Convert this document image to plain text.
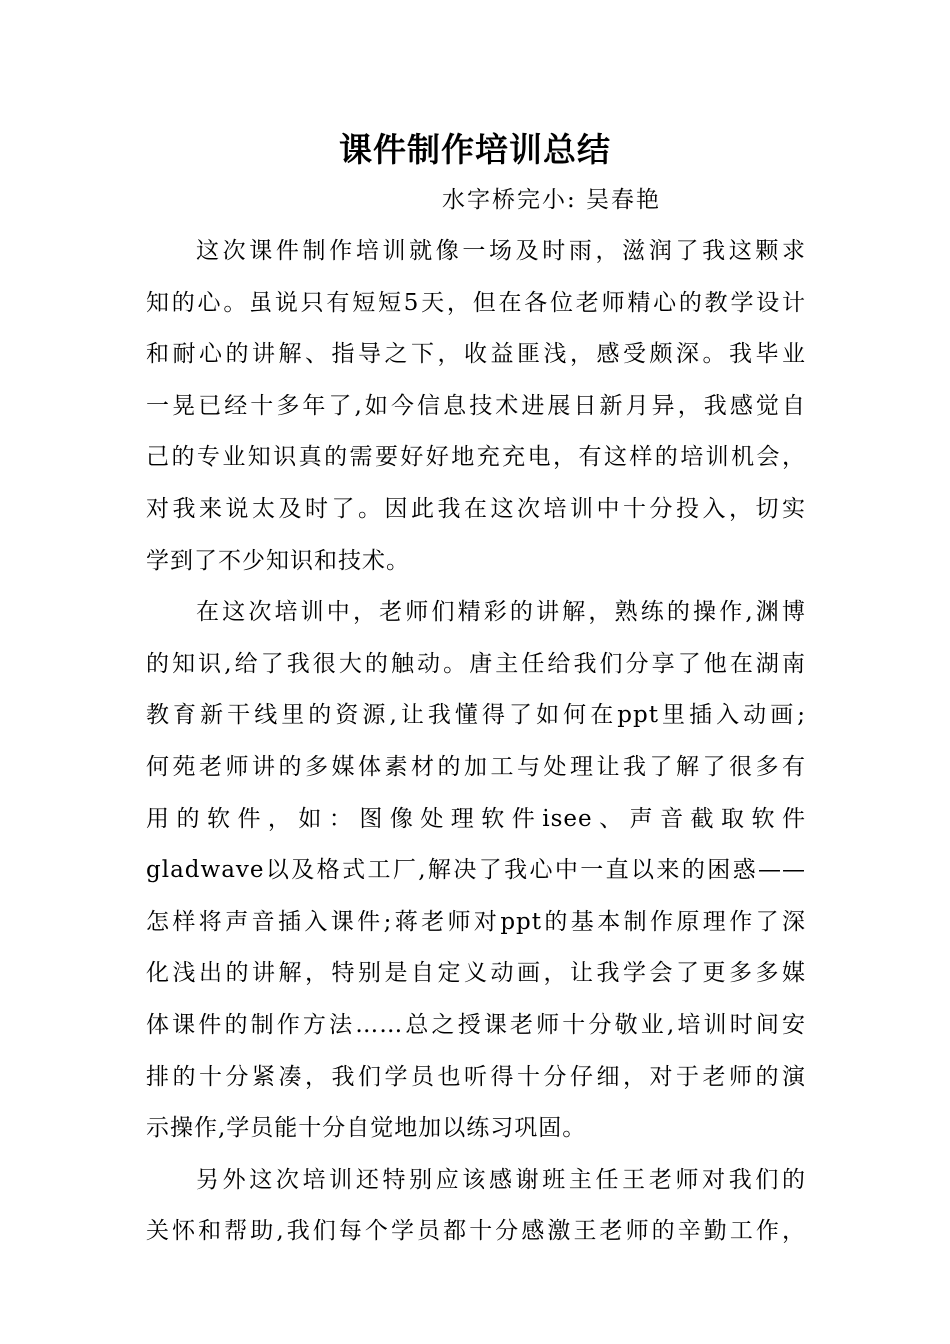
课件制作培训总结
水字桥完小: 吴春艳
这次课件制作培训就像一场及时雨，滋润了我这颗求
知的心。虽说只有短短5天，但在各位老师精心的教学设计
和耐心的讲解、指导之下，收益匪浅，感受颇深。我毕业
一晃已经十多年了,如今信息技术进展日新月异，我感觉自
己的专业知识真的需要好好地充充电，有这样的培训机会，
对我来说太及时了。因此我在这次培训中十分投入，切实
学到了不少知识和技术。
在这次培训中，老师们精彩的讲解，熟练的操作,渊博
的知识,给了我很大的触动。唐主任给我们分享了他在湖南
教育新干线里的资源,让我懂得了如何在ppt里插入动画;
何苑老师讲的多媒体素材的加工与处理让我了解了很多有
用的软件，如：图像处理软件isee、声音截取软件
gladwave以及格式工厂,解决了我心中一直以来的困惑——
怎样将声音插入课件;蒋老师对ppt的基本制作原理作了深
化浅出的讲解，特别是自定义动画，让我学会了更多多媒
体课件的制作方法……总之授课老师十分敬业,培训时间安
排的十分紧凑，我们学员也听得十分仔细，对于老师的演
示操作,学员能十分自觉地加以练习巩固。
另外这次培训还特别应该感谢班主任王老师对我们的
关怀和帮助,我们每个学员都十分感激王老师的辛勤工作，
